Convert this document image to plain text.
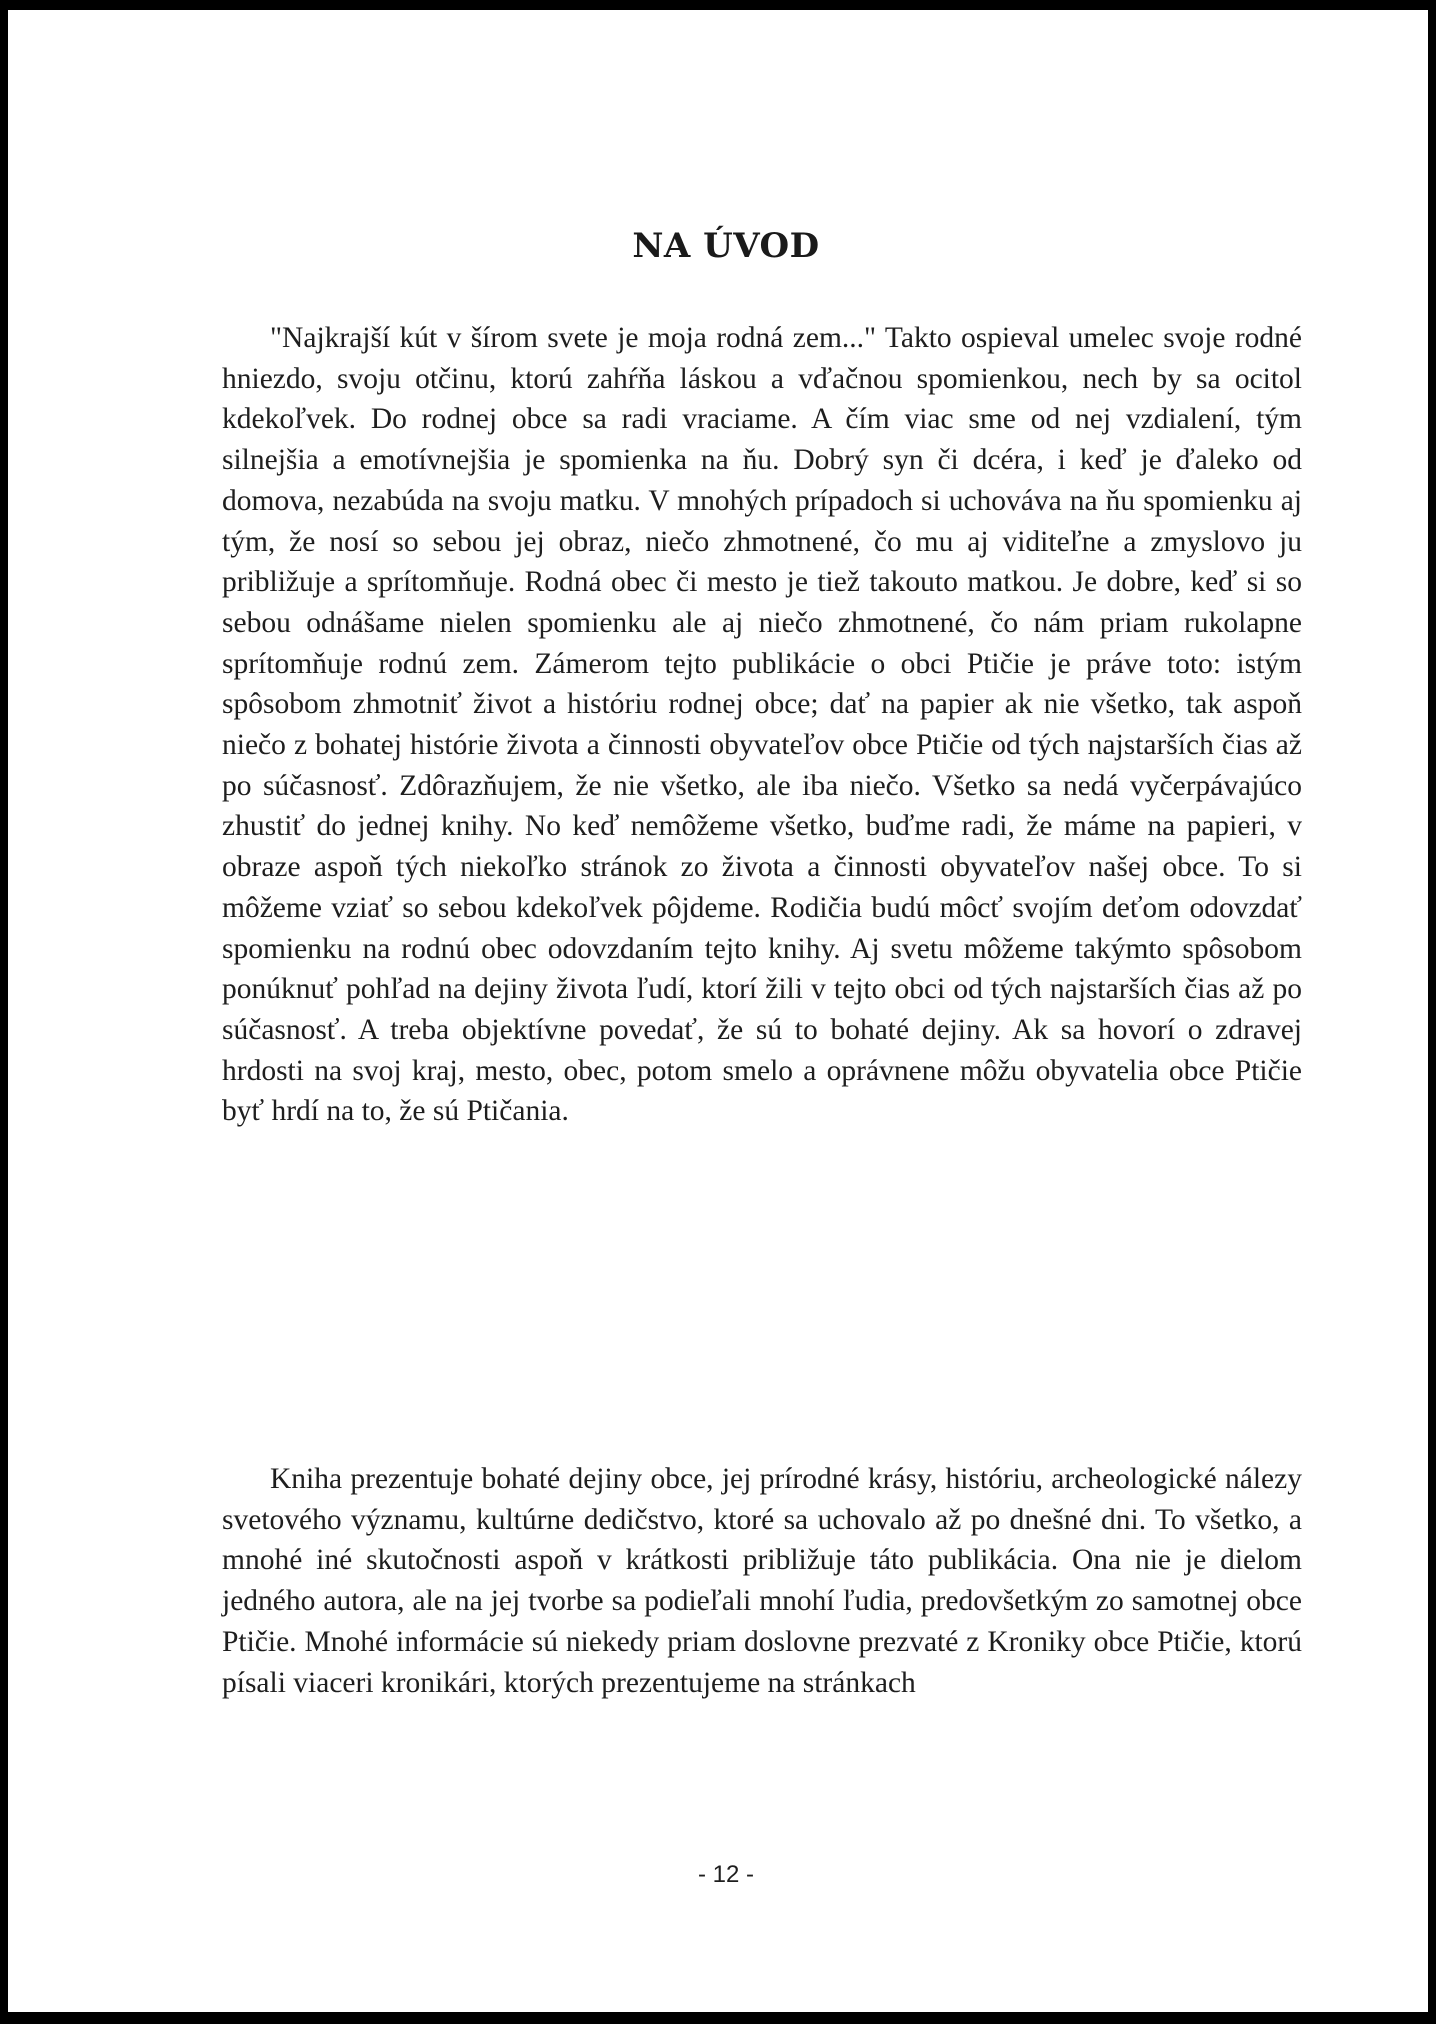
NA ÚVOD

"Najkrajší kút v šírom svete je moja rodná zem..." Takto ospieval umelec svoje rodné hniezdo, svoju otčinu, ktorú zahŕňa láskou a vďačnou spomienkou, nech by sa ocitol kdekoľvek. Do rodnej obce sa radi vraciame. A čím viac sme od nej vzdialení, tým silnejšia a emotívnejšia je spomienka na ňu. Dobrý syn či dcéra, i keď je ďaleko od domova, nezabúda na svoju matku. V mnohých prípadoch si uchováva na ňu spomienku aj tým, že nosí so sebou jej obraz, niečo zhmotnené, čo mu aj viditeľne a zmyslovo ju približuje a sprítomňuje. Rodná obec či mesto je tiež takouto matkou. Je dobre, keď si so sebou odnášame nielen spomienku ale aj niečo zhmotnené, čo nám priam rukolapne sprítomňuje rodnú zem. Zámerom tejto publikácie o obci Ptičie je práve toto: istým spôsobom zhmotniť život a históriu rodnej obce; dať na papier ak nie všetko, tak aspoň niečo z bohatej histórie života a činnosti obyvateľov obce Ptičie od tých najstarších čias až po súčasnosť. Zdôrazňujem, že nie všetko, ale iba niečo. Všetko sa nedá vyčerpávajúco zhustiť do jednej knihy. No keď nemôžeme všetko, buďme radi, že máme na papieri, v obraze aspoň tých niekoľko stránok zo života a činnosti obyvateľov našej obce. To si môžeme vziať so sebou kdekoľvek pôjdeme. Rodičia budú môcť svojím deťom odovzdať spomienku na rodnú obec odovzdaním tejto knihy. Aj svetu môžeme takýmto spôsobom ponúknuť pohľad na dejiny života ľudí, ktorí žili v tejto obci od tých najstarších čias až po súčasnosť. A treba objektívne povedať, že sú to bohaté dejiny. Ak sa hovorí o zdravej hrdosti na svoj kraj, mesto, obec, potom smelo a oprávnene môžu obyvatelia obce Ptičie byť hrdí na to, že sú Ptičania.

Kniha prezentuje bohaté dejiny obce, jej prírodné krásy, históriu, archeologické nálezy svetového významu, kultúrne dedičstvo, ktoré sa uchovalo až po dnešné dni. To všetko, a mnohé iné skutočnosti aspoň v krátkosti približuje táto publikácia. Ona nie je dielom jedného autora, ale na jej tvorbe sa podieľali mnohí ľudia, predovšetkým zo samotnej obce Ptičie. Mnohé informácie sú niekedy priam doslovne prezvaté z Kroniky obce Ptičie, ktorú písali viaceri kronikári, ktorých prezentujeme na stránkach

- 12 -
